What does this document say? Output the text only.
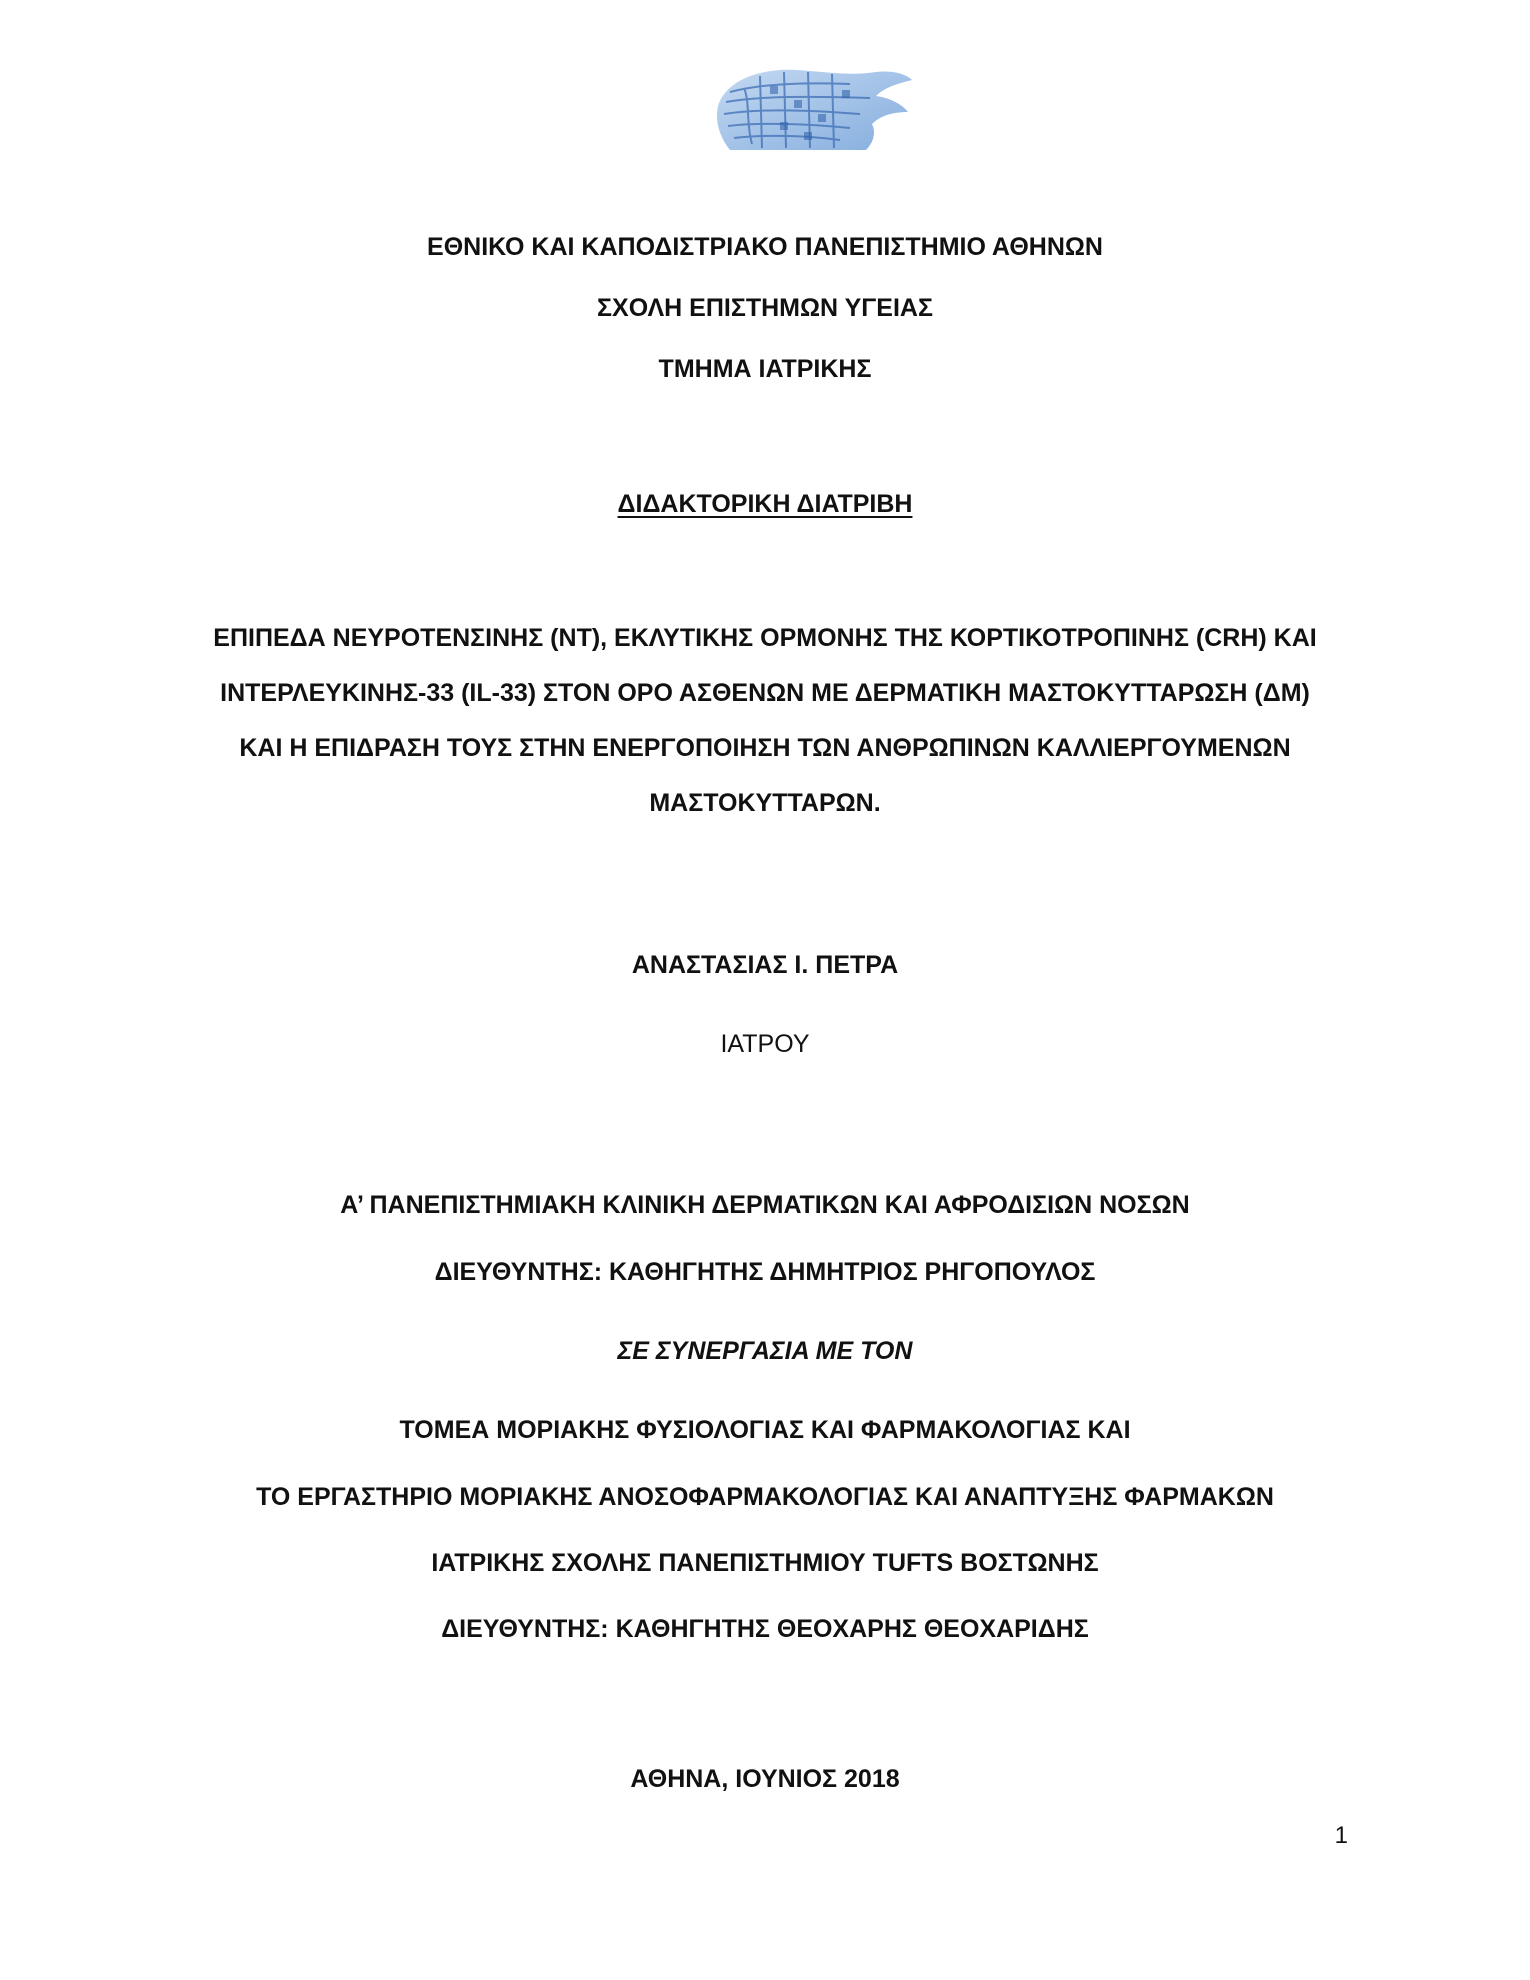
ΕΘΝΙΚΟ ΚΑΙ ΚΑΠΟΔΙΣΤΡΙΑΚΟ ΠΑΝΕΠΙΣΤΗΜΙΟ ΑΘΗΝΩΝ
ΣΧΟΛΗ ΕΠΙΣΤΗΜΩΝ ΥΓΕΙΑΣ
ΤΜΗΜΑ ΙΑΤΡΙΚΗΣ
ΔΙΔΑΚΤΟΡΙΚΗ ΔΙΑΤΡΙΒΗ
ΕΠΙΠΕΔΑ ΝΕΥΡΟΤΕΝΣΙΝΗΣ (NT), ΕΚΛΥΤΙΚΗΣ ΟΡΜΟΝΗΣ ΤΗΣ ΚΟΡΤΙΚΟΤΡΟΠΙΝΗΣ (CRH) ΚΑΙ
ΙΝΤΕΡΛΕΥΚΙΝΗΣ-33 (IL-33) ΣΤΟΝ ΟΡΟ ΑΣΘΕΝΩΝ ΜΕ ΔΕΡΜΑΤΙΚΗ ΜΑΣΤΟΚΥΤΤΑΡΩΣΗ (ΔΜ)
ΚΑΙ Η ΕΠΙΔΡΑΣΗ ΤΟΥΣ ΣΤΗΝ ΕΝΕΡΓΟΠΟΙΗΣΗ ΤΩΝ ΑΝΘΡΩΠΙΝΩΝ ΚΑΛΛΙΕΡΓΟΥΜΕΝΩΝ
ΜΑΣΤΟΚΥΤΤΑΡΩΝ.
ΑΝΑΣΤΑΣΙΑΣ Ι. ΠΕΤΡΑ
ΙΑΤΡΟΥ
Α’ ΠΑΝΕΠΙΣΤΗΜΙΑΚΗ ΚΛΙΝΙΚΗ ΔΕΡΜΑΤΙΚΩΝ ΚΑΙ ΑΦΡΟΔΙΣΙΩΝ ΝΟΣΩΝ
ΔΙΕΥΘΥΝΤΗΣ: ΚΑΘΗΓΗΤΗΣ ΔΗΜΗΤΡΙΟΣ ΡΗΓΟΠΟΥΛΟΣ
ΣΕ ΣΥΝΕΡΓΑΣΙΑ ΜΕ ΤΟΝ
ΤΟΜΕΑ ΜΟΡΙΑΚΗΣ ΦΥΣΙΟΛΟΓΙΑΣ ΚΑΙ ΦΑΡΜΑΚΟΛΟΓΙΑΣ ΚΑΙ
ΤΟ ΕΡΓΑΣΤΗΡΙΟ ΜΟΡΙΑΚΗΣ ΑΝΟΣΟΦΑΡΜΑΚΟΛΟΓΙΑΣ ΚΑΙ ΑΝΑΠΤΥΞΗΣ ΦΑΡΜΑΚΩΝ
ΙΑΤΡΙΚΗΣ ΣΧΟΛΗΣ ΠΑΝΕΠΙΣΤΗΜΙΟΥ TUFTS ΒΟΣΤΩΝΗΣ
ΔΙΕΥΘΥΝΤΗΣ: ΚΑΘΗΓΗΤΗΣ ΘΕΟΧΑΡΗΣ ΘΕΟΧΑΡΙΔΗΣ
ΑΘΗΝΑ, ΙΟΥΝΙΟΣ 2018
1
